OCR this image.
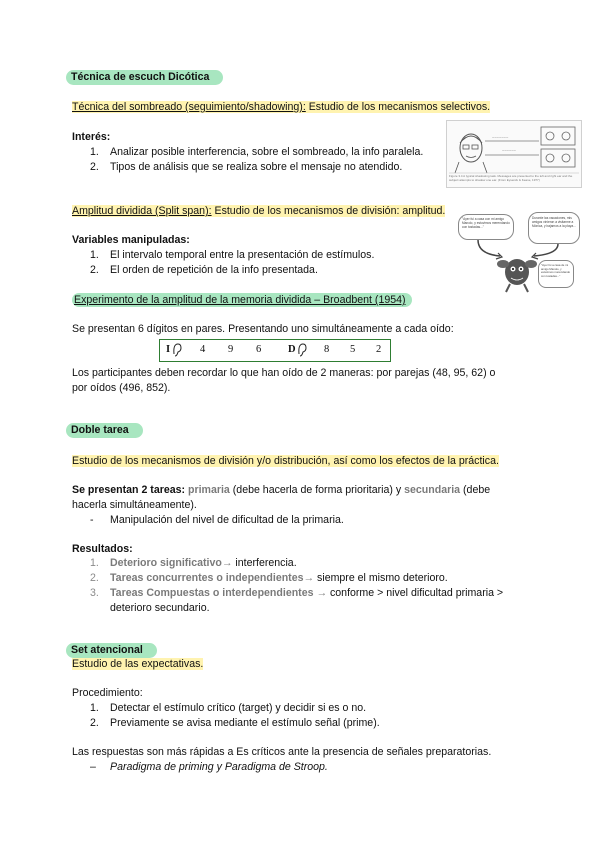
Técnica de escuch Dicótica
Técnica del sombreado (seguimiento/shadowing): Estudio de los mecanismos selectivos.
Interés:
1. Analizar posible interferencia, sobre el sombreado, la info paralela.
2. Tipos de análisis que se realiza sobre el mensaje no atendido.
~~~~~~~
~~~~~~
Figure 3.4 A typical shadowing task. Messages are presented to the left and right ear and the subject attempts to shadow one ear. (From Eysenck & Keane, 1977)
Amplitud dividida (Split span): Estudio de los mecanismos de división: amplitud.
Variables manipuladas:
1. El intervalo temporal entre la presentación de estímulos.
2. El orden de repetición de la info presentada.
"Ayer fui a casa con mi amigo Manolo, y estuvimos merendando con tostadas..."
Durante las vacaciones, mis amigos vinieron a visitarme a Mónica, y bajamos a la playa...
"Ayer fui a casa de mi amigo Manolo, y estuvimos merendando con tostadas..."
Experimento de la amplitud de la memoria dividida – Broadbent (1954)
Se presentan 6 dígitos en pares. Presentando uno simultáneamente a cada oído:
I	4 9 6	D	8 5 2
Los participantes deben recordar lo que han oído de 2 maneras: por parejas (48, 95, 62) o
por oídos (496, 852).
Doble tarea
Estudio de los mecanismos de división y/o distribución, así como los efectos de la práctica.
Se presentan 2 tareas: primaria (debe hacerla de forma prioritaria) y secundaria (debe
hacerla simultáneamente).
- Manipulación del nivel de dificultad de la primaria.
Resultados:
1. Deterioro significativo→ interferencia.
2. Tareas concurrentes o independientes→ siempre el mismo deterioro.
3. Tareas Compuestas o interdependientes → conforme > nivel dificultad primaria >
deterioro secundario.
Set atencional
Estudio de las expectativas.
Procedimiento:
1. Detectar el estímulo crítico (target) y decidir si es o no.
2. Previamente se avisa mediante el estímulo señal (prime).
Las respuestas son más rápidas a Es críticos ante la presencia de señales preparatorias.
– Paradigma de priming y Paradigma de Stroop.
